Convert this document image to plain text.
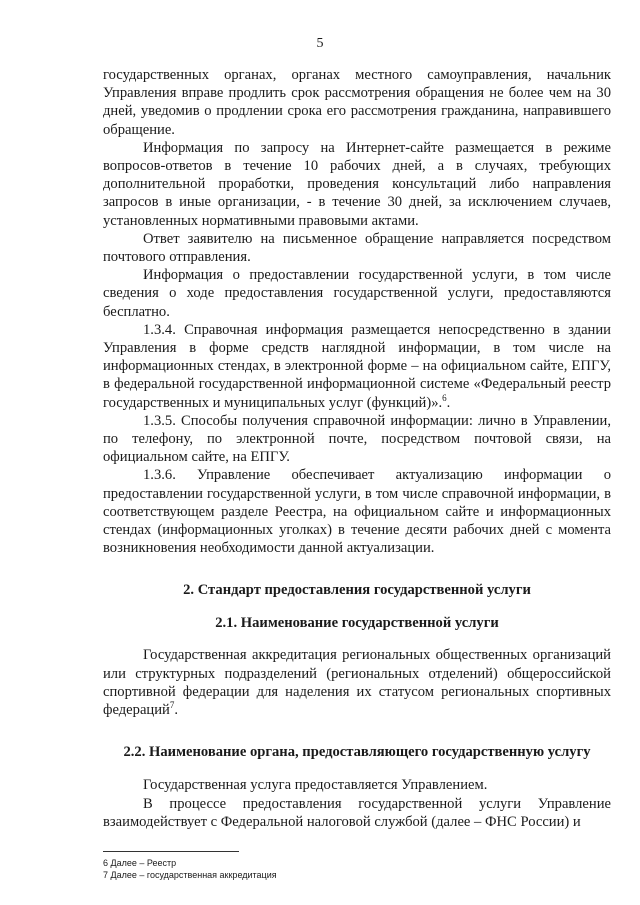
5

государственных органах, органах местного самоуправления, начальник Управления вправе продлить срок рассмотрения обращения не более чем на 30 дней, уведомив о продлении срока его рассмотрения гражданина, направившего обращение.

Информация по запросу на Интернет-сайте размещается в режиме вопросов-ответов в течение 10 рабочих дней, а в случаях, требующих дополнительной проработки, проведения консультаций либо направления запросов в иные организации, - в течение 30 дней, за исключением случаев, установленных нормативными правовыми актами.

Ответ заявителю на письменное обращение направляется посредством почтового отправления.

Информация о предоставлении государственной услуги, в том числе сведения о ходе предоставления государственной услуги, предоставляются бесплатно.

1.3.4. Справочная информация размещается непосредственно в здании Управления в форме средств наглядной информации, в том числе на информационных стендах, в электронной форме – на официальном сайте, ЕПГУ, в федеральной государственной информационной системе «Федеральный реестр государственных и муниципальных услуг (функций)».$^6$.

1.3.5. Способы получения справочной информации: лично в Управлении, по телефону, по электронной почте, посредством почтовой связи, на официальном сайте, на ЕПГУ.

1.3.6. Управление обеспечивает актуализацию информации о предоставлении государственной услуги, в том числе справочной информации, в соответствующем разделе Реестра, на официальном сайте и информационных стендах (информационных уголках) в течение десяти рабочих дней с момента возникновения необходимости данной актуализации.

2. Стандарт предоставления государственной услуги

2.1. Наименование государственной услуги

Государственная аккредитация региональных общественных организаций или структурных подразделений (региональных отделений) общероссийской спортивной федерации для наделения их статусом региональных спортивных федераций$^7$.

2.2. Наименование органа, предоставляющего государственную услугу

Государственная услуга предоставляется Управлением.

В процессе предоставления государственной услуги Управление взаимодействует с Федеральной налоговой службой (далее – ФНС России) и

6 Далее – Реестр
7 Далее – государственная аккредитация
